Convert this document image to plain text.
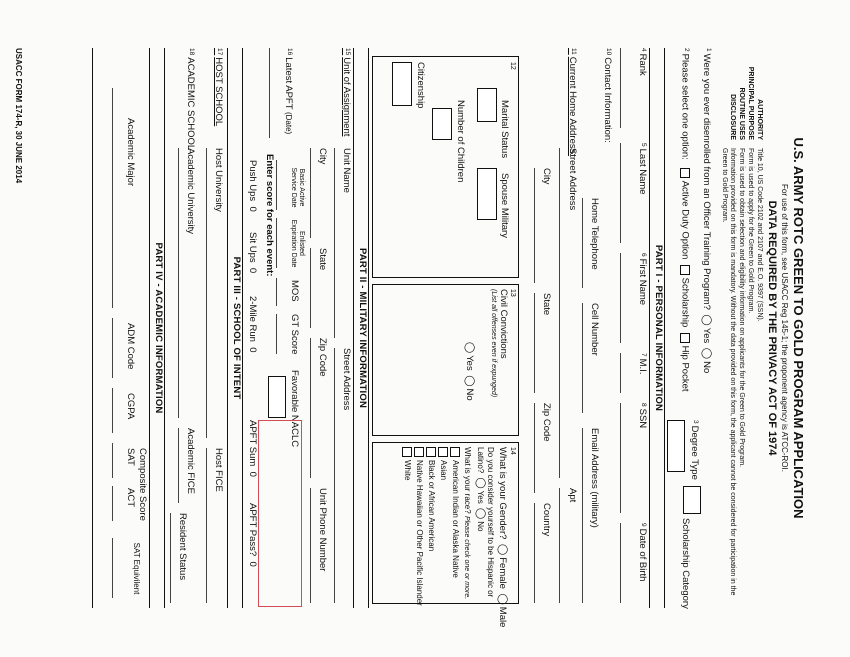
USACC FORM 174-R, 30 JUNE 2014
U.S. ARMY ROTC GREEN TO GOLD PROGRAM APPLICATION
For use of this form, see USACC Reg 145-1; the proponent agency is ATCC-ROI.
DATA REQUIRED BY THE PRIVACY ACT OF 1974
AUTHORITY
Title 10, US Code 2102 and 2107 and E.O. 9397 (SSN).
PRINCIPAL PURPOSE
Form is used to apply for the Green to Gold Program.
ROUTINE USES
Form is used to obtain selection and eligibility information on applicants for the Green to Gold Program.
DISCLOSURE
Information provided on this form is mandatory. Without the data provided on this form, the applicant cannot be considered for participation in the Green to Gold Program.
$^1$Were you ever disenrolled from an Officer Training Program? ◯Yes ◯No
$^2$Please select one option:   Active Duty Option  Scholarship  Hip Pocket
$^3$Degree Type
Scholarship Category
PART I - PERSONAL INFORMATION
$^4$Rank
$^5$Last Name
$^6$First Name
$^7$M.I.
$^8$SSN
$^9$Date of Birth
$^{10}$Contact Information:
Home Telephone
Cell Number
Email Address (military)
$^{11}$Current Home Address:
Street Address
Apt
City
State
Zip Code
Country
12
Marital Status
Spouse Military
Number of Children
Citizenship
13
Civil Convictions
(List all offenses even if expunged)
◯Yes ◯No
14
What is your Gender? ◯Female ◯Male
Do you consider yourself to be Hispanic or Latino? ◯Yes ◯No
What is your race? Please check one or more.
American Indian or Alaska Native
Asian
Black or African American
Native Hawaiian or Other Pacific Islander
White
PART II - MILITARY INFORMATION
$^{15}$Unit of Assignment
Unit Name
Street Address
City
State
Zip Code
Unit Phone Number
Basic Active Service Date
Enlisted Expiration Date
MOS
GT Score
Favorable NACLC
$^{16}$Latest APFT (Date)
Enter score for each event:
Push Ups  0
Sit Ups  0
2-Mile Run  0
APFT Sum  0
APFT Pass?  0
PART III - SCHOOL OF INTENT
$^{17}$HOST SCHOOL
Host University
Host FICE
$^{18}$ACADEMIC SCHOOL
Academic University
Academic FICE
Resident Status
PART IV - ACADEMIC INFORMATION
Academic Major
ADM Code
CGPA
Composite Score
SAT
ACT
SAT Equivilent
